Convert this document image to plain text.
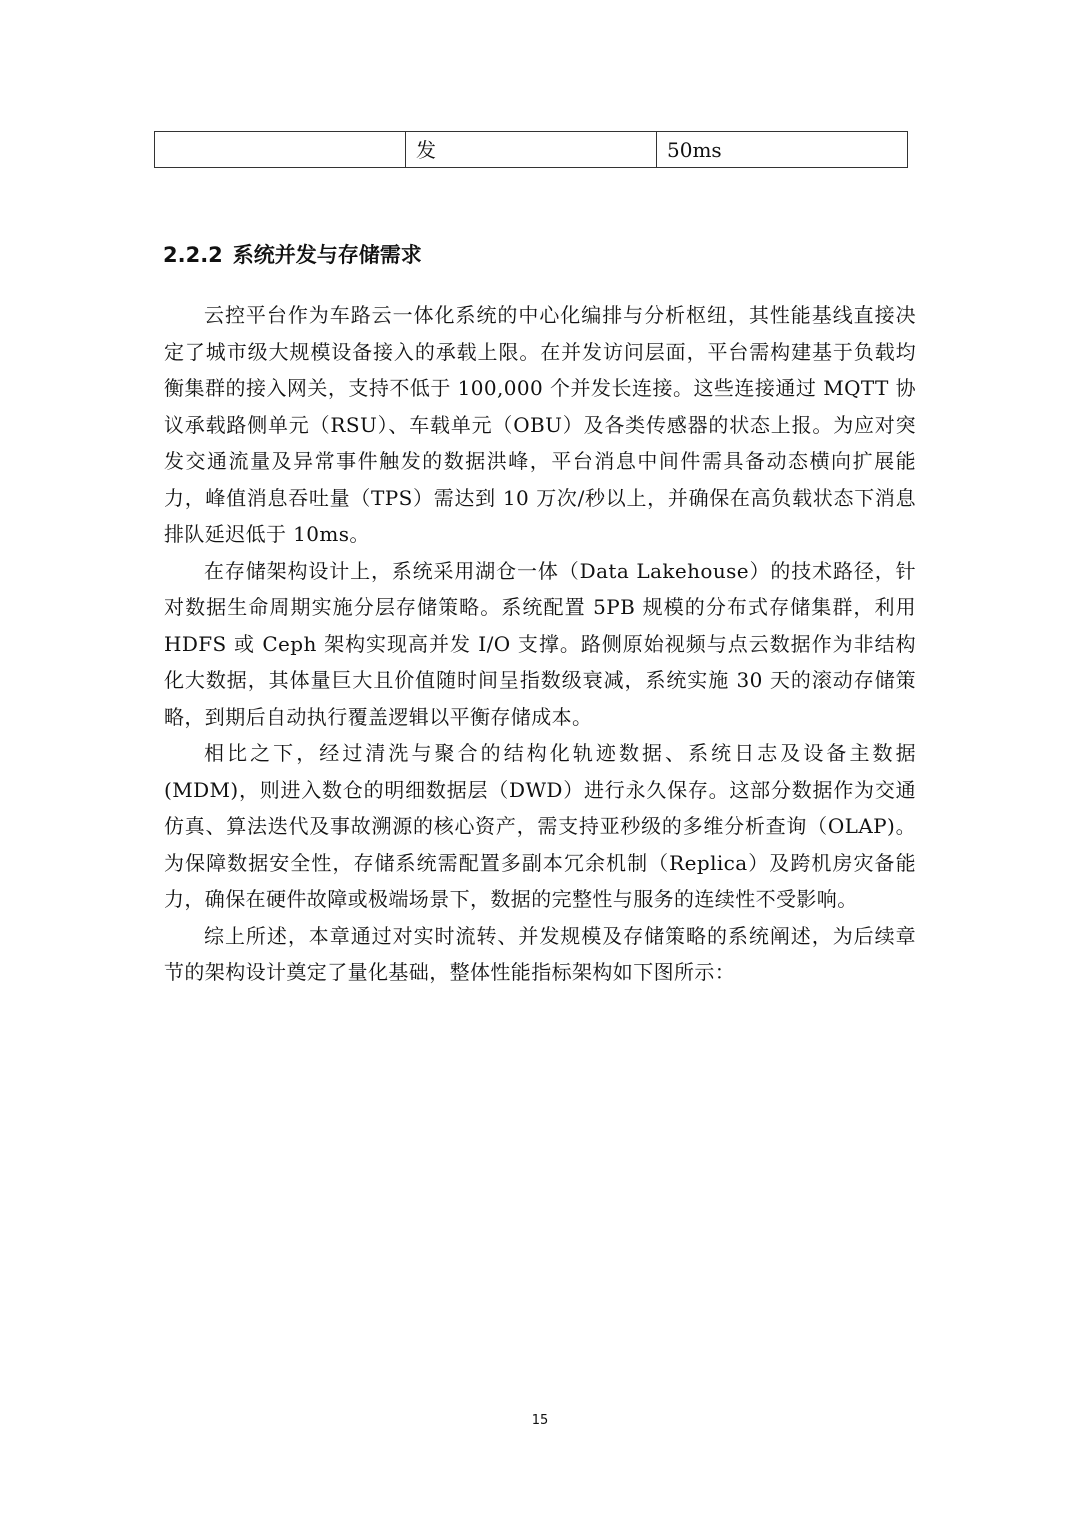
发	50ms
2.2.2 系统并发与存储需求

云控平台作为车路云一体化系统的中心化编排与分析枢纽，其性能基线直接决定了城市级大规模设备接入的承载上限。在并发访问层面，平台需构建基于负载均衡集群的接入网关，支持不低于 100,000 个并发长连接。这些连接通过 MQTT 协议承载路侧单元（RSU）、车载单元（OBU）及各类传感器的状态上报。为应对突发交通流量及异常事件触发的数据洪峰，平台消息中间件需具备动态横向扩展能力，峰值消息吞吐量（TPS）需达到 10 万次/秒以上，并确保在高负载状态下消息排队延迟低于 10ms。

在存储架构设计上，系统采用湖仓一体（Data Lakehouse）的技术路径，针对数据生命周期实施分层存储策略。系统配置 5PB 规模的分布式存储集群，利用 HDFS 或 Ceph 架构实现高并发 I/O 支撑。路侧原始视频与点云数据作为非结构化大数据，其体量巨大且价值随时间呈指数级衰减，系统实施 30 天的滚动存储策略，到期后自动执行覆盖逻辑以平衡存储成本。

相比之下，经过清洗与聚合的结构化轨迹数据、系统日志及设备主数据(MDM)，则进入数仓的明细数据层（DWD）进行永久保存。这部分数据作为交通仿真、算法迭代及事故溯源的核心资产，需支持亚秒级的多维分析查询（OLAP)。为保障数据安全性，存储系统需配置多副本冗余机制（Replica）及跨机房灾备能力，确保在硬件故障或极端场景下，数据的完整性与服务的连续性不受影响。

综上所述，本章通过对实时流转、并发规模及存储策略的系统阐述，为后续章节的架构设计奠定了量化基础，整体性能指标架构如下图所示：

15
